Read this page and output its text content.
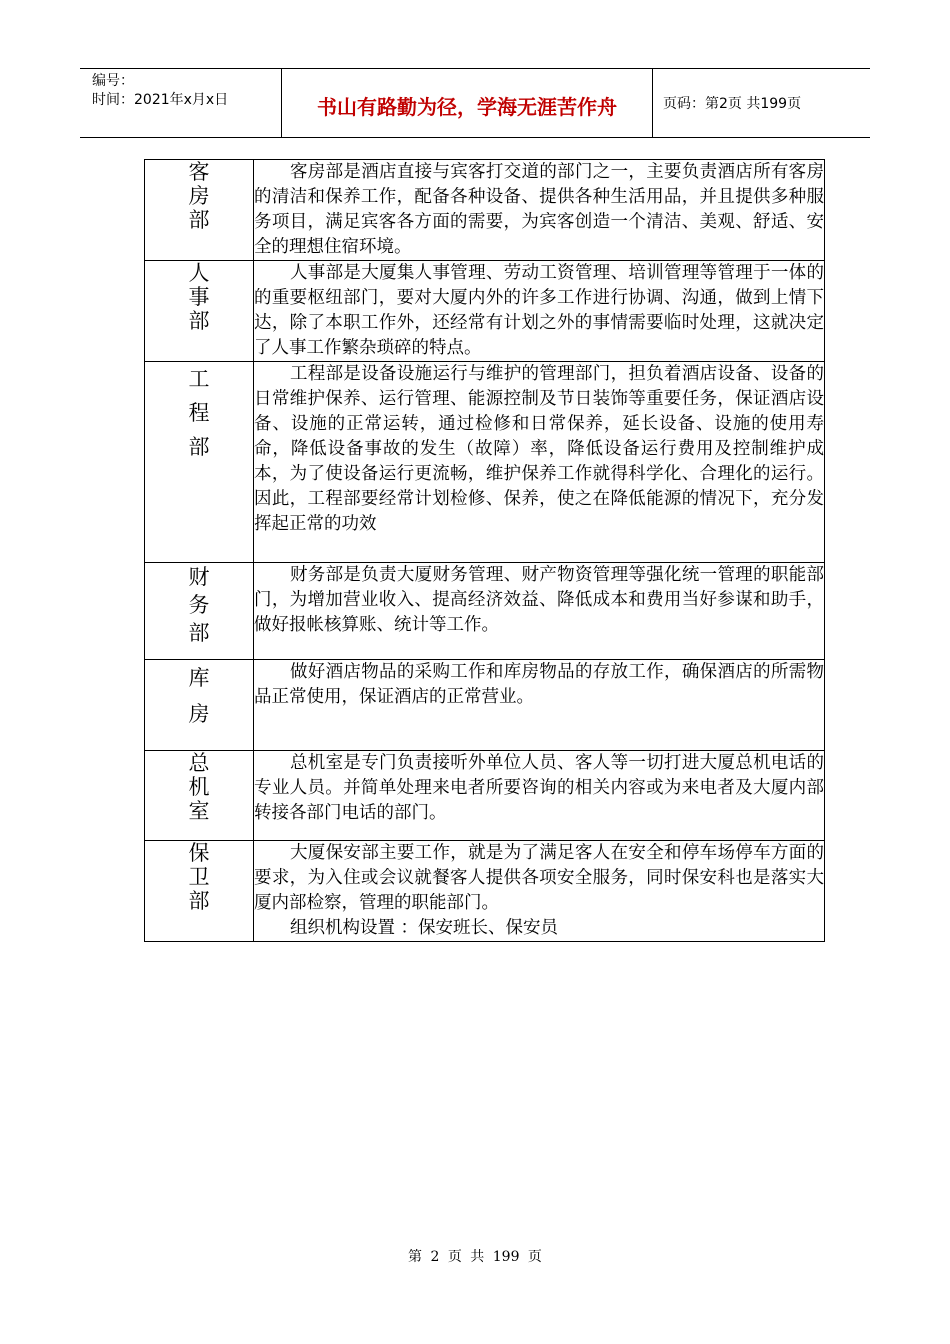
编号：
时间：2021年x月x日	书山有路勤为径，学海无涯苦作舟	页码：第2页 共199页
客房部	客房部是酒店直接与宾客打交道的部门之一，主要负责酒店所有客房的清洁和保养工作，配备各种设备、提供各种生活用品，并且提供多种服务项目，满足宾客各方面的需要，为宾客创造一个清洁、美观、舒适、安全的理想住宿环境。

人事部	人事部是大厦集人事管理、劳动工资管理、培训管理等管理于一体的的重要枢纽部门，要对大厦内外的许多工作进行协调、沟通，做到上情下达，除了本职工作外，还经常有计划之外的事情需要临时处理，这就决定了人事工作繁杂琐碎的特点。

工程部	工程部是设备设施运行与维护的管理部门，担负着酒店设备、设备的日常维护保养、运行管理、能源控制及节日装饰等重要任务，保证酒店设备、设施的正常运转，通过检修和日常保养，延长设备、设施的使用寿命，降低设备事故的发生（故障）率，降低设备运行费用及控制维护成本，为了使设备运行更流畅，维护保养工作就得科学化、合理化的运行。因此，工程部要经常计划检修、保养，使之在降低能源的情况下，充分发挥起正常的功效

财务部	财务部是负责大厦财务管理、财产物资管理等强化统一管理的职能部门，为增加营业收入、提高经济效益、降低成本和费用当好参谋和助手，做好报帐核算账、统计等工作。

库房	做好酒店物品的采购工作和库房物品的存放工作，确保酒店的所需物品正常使用，保证酒店的正常营业。

总机室	总机室是专门负责接听外单位人员、客人等一切打进大厦总机电话的专业人员。并简单处理来电者所要咨询的相关内容或为来电者及大厦内部转接各部门电话的部门。

保卫部	大厦保安部主要工作，就是为了满足客人在安全和停车场停车方面的要求，为入住或会议就餐客人提供各项安全服务，同时保安科也是落实大厦内部检察，管理的职能部门。

组织机构设置 ：保安班长、保安员

第 2 页 共 199 页
